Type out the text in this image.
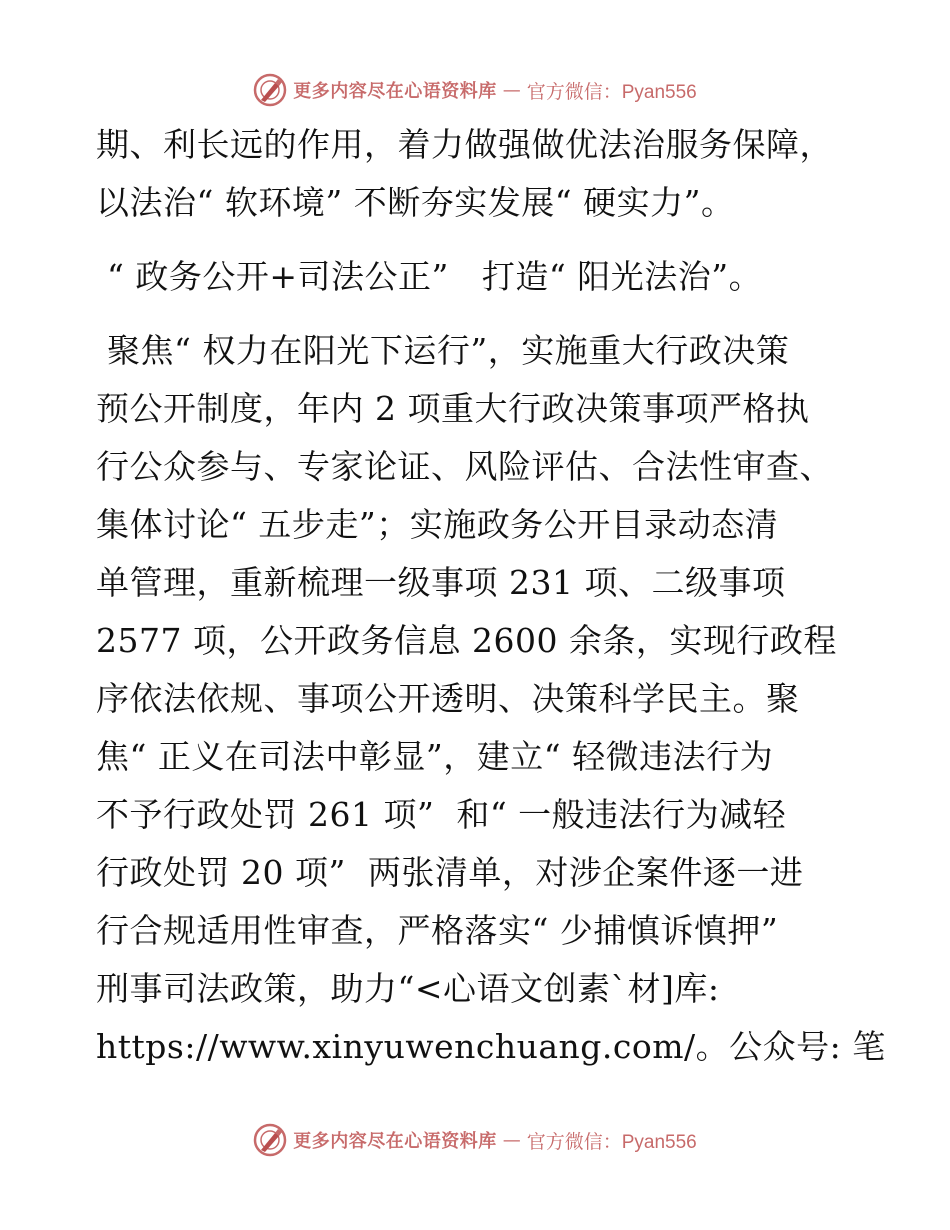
更多内容尽在心语资料库 — 官方微信：Pyan556
期、利长远的作用，着力做强做优法治服务保障，
以法治“ 软环境” 不断夯实发展“ 硬实力”。
“ 政务公开+司法公正”   打造“ 阳光法治”。
聚焦“ 权力在阳光下运行”，实施重大行政决策
预公开制度，年内 2 项重大行政决策事项严格执
行公众参与、专家论证、风险评估、合法性审查、
集体讨论“ 五步走”；实施政务公开目录动态清
单管理，重新梳理一级事项 231 项、二级事项
2577 项，公开政务信息 2600 余条，实现行政程
序依法依规、事项公开透明、决策科学民主。聚
焦“ 正义在司法中彰显”，建立“ 轻微违法行为
不予行政处罚 261 项”  和“ 一般违法行为减轻
行政处罚 20 项”  两张清单，对涉企案件逐一进
行合规适用性审查，严格落实“ 少捕慎诉慎押”
刑事司法政策，助力“<心语文创素`材]库:
https://www.xinyuwenchuang.com/。公众号: 笔
更多内容尽在心语资料库 — 官方微信：Pyan556
